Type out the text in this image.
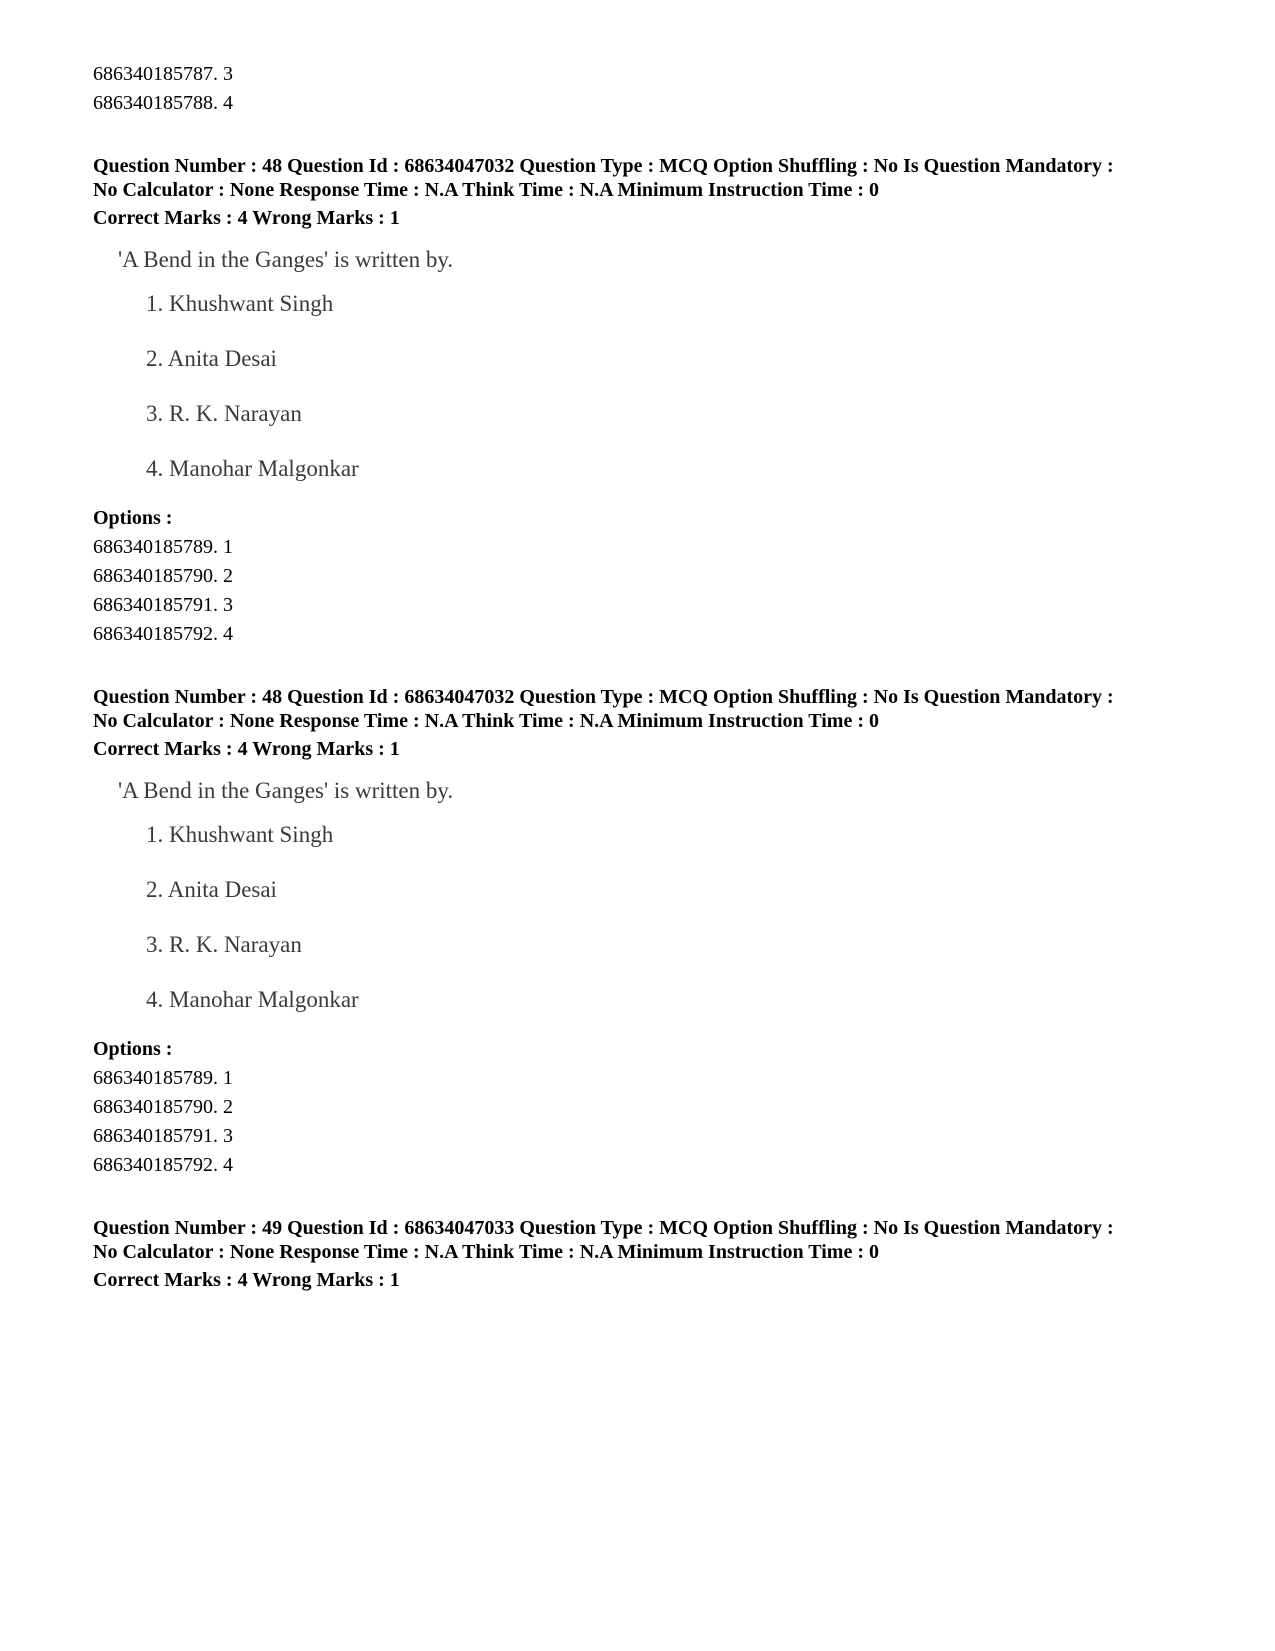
686340185787. 3
686340185788. 4
Question Number : 48 Question Id : 68634047032 Question Type : MCQ Option Shuffling : No Is Question Mandatory :
No Calculator : None Response Time : N.A Think Time : N.A Minimum Instruction Time : 0
Correct Marks : 4 Wrong Marks : 1
'A Bend in the Ganges' is written by.
1. Khushwant Singh
2. Anita Desai
3. R. K. Narayan
4. Manohar Malgonkar
Options :
686340185789. 1
686340185790. 2
686340185791. 3
686340185792. 4
Question Number : 48 Question Id : 68634047032 Question Type : MCQ Option Shuffling : No Is Question Mandatory :
No Calculator : None Response Time : N.A Think Time : N.A Minimum Instruction Time : 0
Correct Marks : 4 Wrong Marks : 1
'A Bend in the Ganges' is written by.
1. Khushwant Singh
2. Anita Desai
3. R. K. Narayan
4. Manohar Malgonkar
Options :
686340185789. 1
686340185790. 2
686340185791. 3
686340185792. 4
Question Number : 49 Question Id : 68634047033 Question Type : MCQ Option Shuffling : No Is Question Mandatory :
No Calculator : None Response Time : N.A Think Time : N.A Minimum Instruction Time : 0
Correct Marks : 4 Wrong Marks : 1
